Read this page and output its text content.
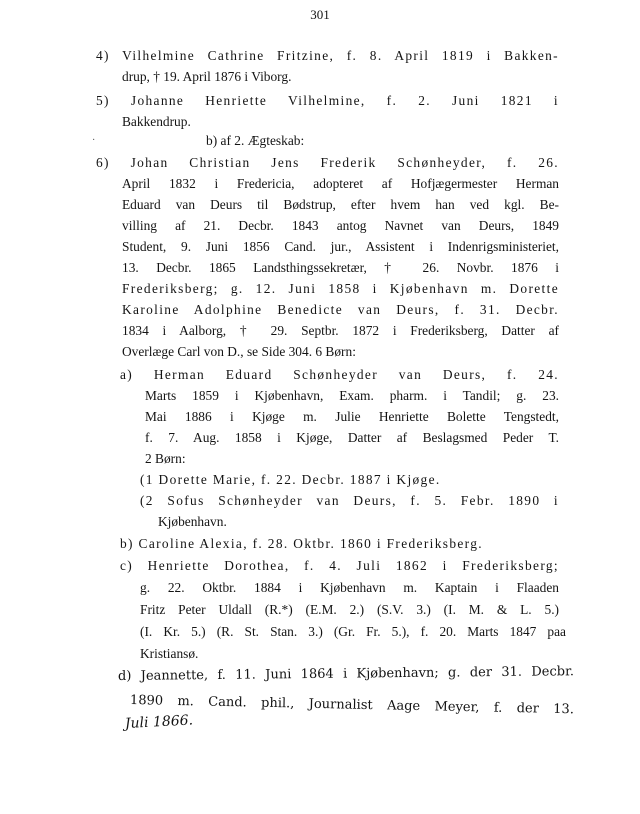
301
4) Vilhelmine Cathrine Fritzine, f. 8. April 1819 i Bakken-
drup, † 19. April 1876 i Viborg.
5) Johanne Henriette Vilhelmine, f. 2. Juni 1821 i
Bakkendrup.
·	b) af 2. Ægteskab:
6) Johan Christian Jens Frederik Schønheyder, f. 26.
April 1832 i Fredericia, adopteret af Hofjægermester Herman
Eduard van Deurs til Bødstrup, efter hvem han ved kgl. Be-
villing af 21. Decbr. 1843 antog Navnet van Deurs, 1849
Student, 9. Juni 1856 Cand. jur., Assistent i Indenrigsministeriet,
13. Decbr. 1865 Landsthingssekretær, † 26. Novbr. 1876 i
Frederiksberg; g. 12. Juni 1858 i Kjøbenhavn m. Dorette
Karoline Adolphine Benedicte van Deurs, f. 31. Decbr.
1834 i Aalborg, † 29. Septbr. 1872 i Frederiksberg, Datter af
Overlæge Carl von D., se Side 304. 6 Børn:
a) Herman Eduard Schønheyder van Deurs, f. 24.
Marts 1859 i Kjøbenhavn, Exam. pharm. i Tandil; g. 23.
Mai 1886 i Kjøge m. Julie Henriette Bolette Tengstedt,
f. 7. Aug. 1858 i Kjøge, Datter af Beslagsmed Peder T.
2 Børn:
(1 Dorette Marie, f. 22. Decbr. 1887 i Kjøge.
(2 Sofus Schønheyder van Deurs, f. 5. Febr. 1890 i
Kjøbenhavn.
b) Caroline Alexia, f. 28. Oktbr. 1860 i Frederiksberg.
c) Henriette Dorothea, f. 4. Juli 1862 i Frederiksberg;
g. 22. Oktbr. 1884 i Kjøbenhavn m. Kaptain i Flaaden
Fritz Peter Uldall (R.*) (E.M. 2.) (S.V. 3.) (I. M. & L. 5.)
(I. Kr. 5.) (R. St. Stan. 3.) (Gr. Fr. 5.), f. 20. Marts 1847 paa
Kristiansø.
d) Jeannette, f. 11. Juni 1864 i Kjøbenhavn; g. der 31. Decbr.
1890 m. Cand. phil., Journalist Aage Meyer, f. der 13.
Juli 1866.
